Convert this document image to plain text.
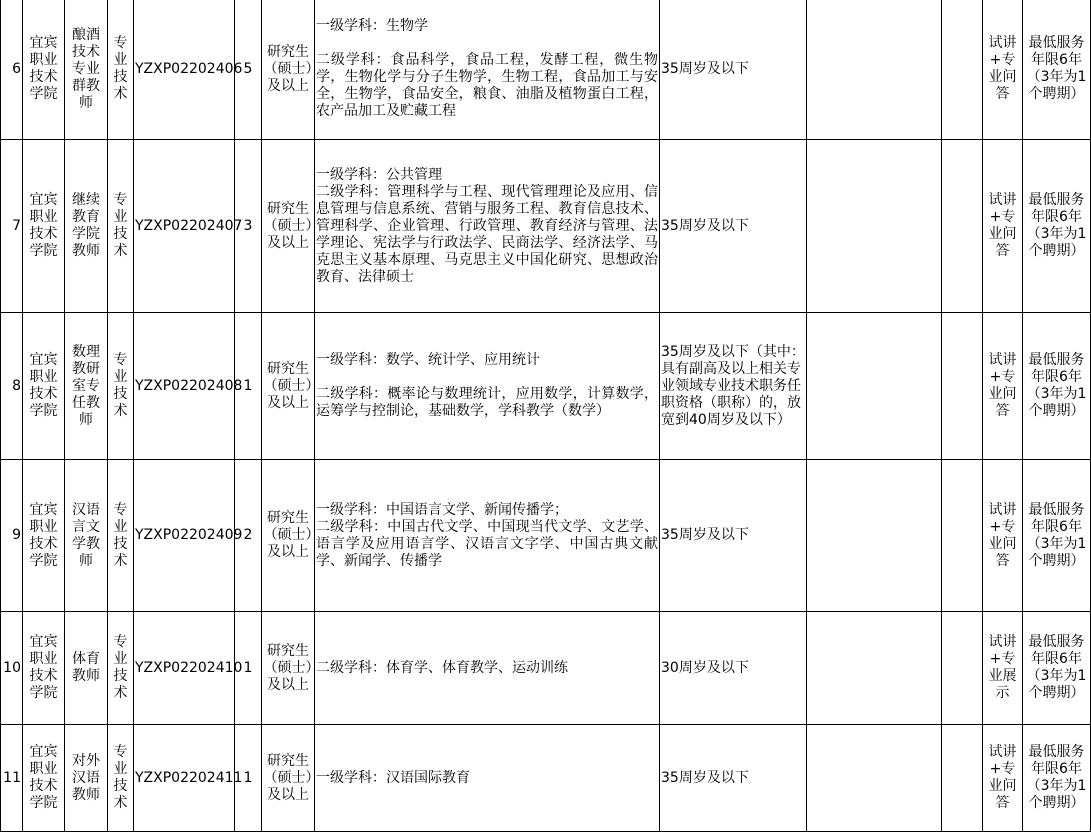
6	宜宾职业技术学院	酿酒技术专业群教师	专业技术	YZXP02202406	5	研究生（硕士）及以上	一级学科：生物学
二级学科：食品科学，食品工程，发酵工程，微生物学，生物化学与分子生物学，生物工程，食品加工与安全，生物学，食品安全，粮食、油脂及植物蛋白工程，农产品加工及贮藏工程	35周岁及以下			试讲+专业问答	最低服务年限6年（3年为1个聘期）
7	宜宾职业技术学院	继续教育学院教师	专业技术	YZXP02202407	3	研究生（硕士）及以上	一级学科：公共管理
二级学科：管理科学与工程、现代管理理论及应用、信息管理与信息系统、营销与服务工程、教育信息技术、管理科学、企业管理、行政管理、教育经济与管理、法学理论、宪法学与行政法学、民商法学、经济法学、马克思主义基本原理、马克思主义中国化研究、思想政治教育、法律硕士	35周岁及以下			试讲+专业问答	最低服务年限6年（3年为1个聘期）
8	宜宾职业技术学院	数理教研室专任教师	专业技术	YZXP02202408	1	研究生（硕士）及以上	一级学科：数学、统计学、应用统计
二级学科：概率论与数理统计，应用数学，计算数学，运筹学与控制论，基础数学，学科教学（数学）	35周岁及以下（其中：具有副高及以上相关专业领域专业技术职务任职资格（职称）的，放宽到40周岁及以下）			试讲+专业问答	最低服务年限6年（3年为1个聘期）
9	宜宾职业技术学院	汉语言文学教师	专业技术	YZXP02202409	2	研究生（硕士）及以上	一级学科：中国语言文学、新闻传播学；
二级学科：中国古代文学、中国现当代文学、文艺学、语言学及应用语言学、汉语言文字学、中国古典文献学、新闻学、传播学	35周岁及以下			试讲+专业问答	最低服务年限6年（3年为1个聘期）
10	宜宾职业技术学院	体育教师	专业技术	YZXP02202410	1	研究生（硕士）及以上	二级学科：体育学、体育教学、运动训练	30周岁及以下			试讲+专业展示	最低服务年限6年（3年为1个聘期）
11	宜宾职业技术学院	对外汉语教师	专业技术	YZXP02202411	1	研究生（硕士）及以上	一级学科：汉语国际教育	35周岁及以下			试讲+专业问答	最低服务年限6年（3年为1个聘期）
